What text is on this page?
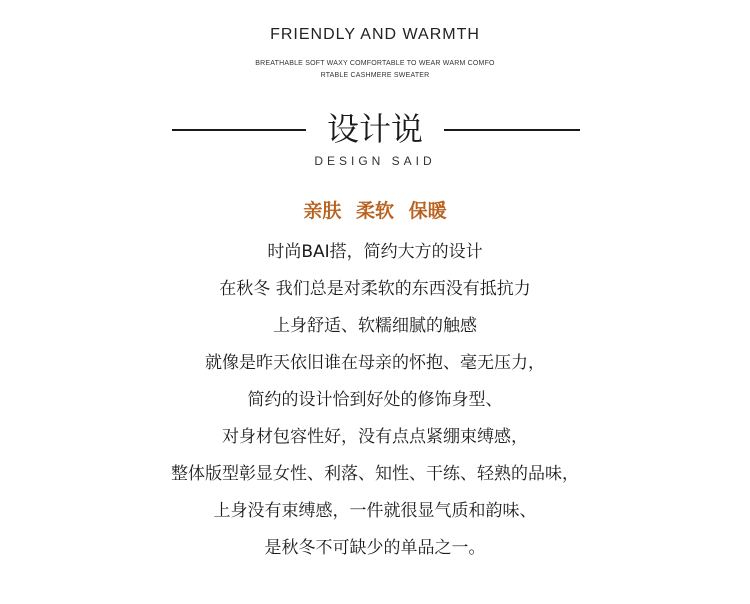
FRIENDLY AND WARMTH
BREATHABLE SOFT WAXY COMFORTABLE TO WEAR WARM COMFO
RTABLE CASHMERE SWEATER
设计说
DESIGN SAID
亲肤 柔软 保暖
时尚BAI搭，简约大方的设计
在秋冬 我们总是对柔软的东西没有抵抗力
上身舒适、软糯细腻的触感
就像是昨天依旧谁在母亲的怀抱、毫无压力，
简约的设计恰到好处的修饰身型、
对身材包容性好，没有点点紧绷束缚感，
整体版型彰显女性、利落、知性、干练、轻熟的品味，
上身没有束缚感，一件就很显气质和韵味、
是秋冬不可缺少的单品之一。
